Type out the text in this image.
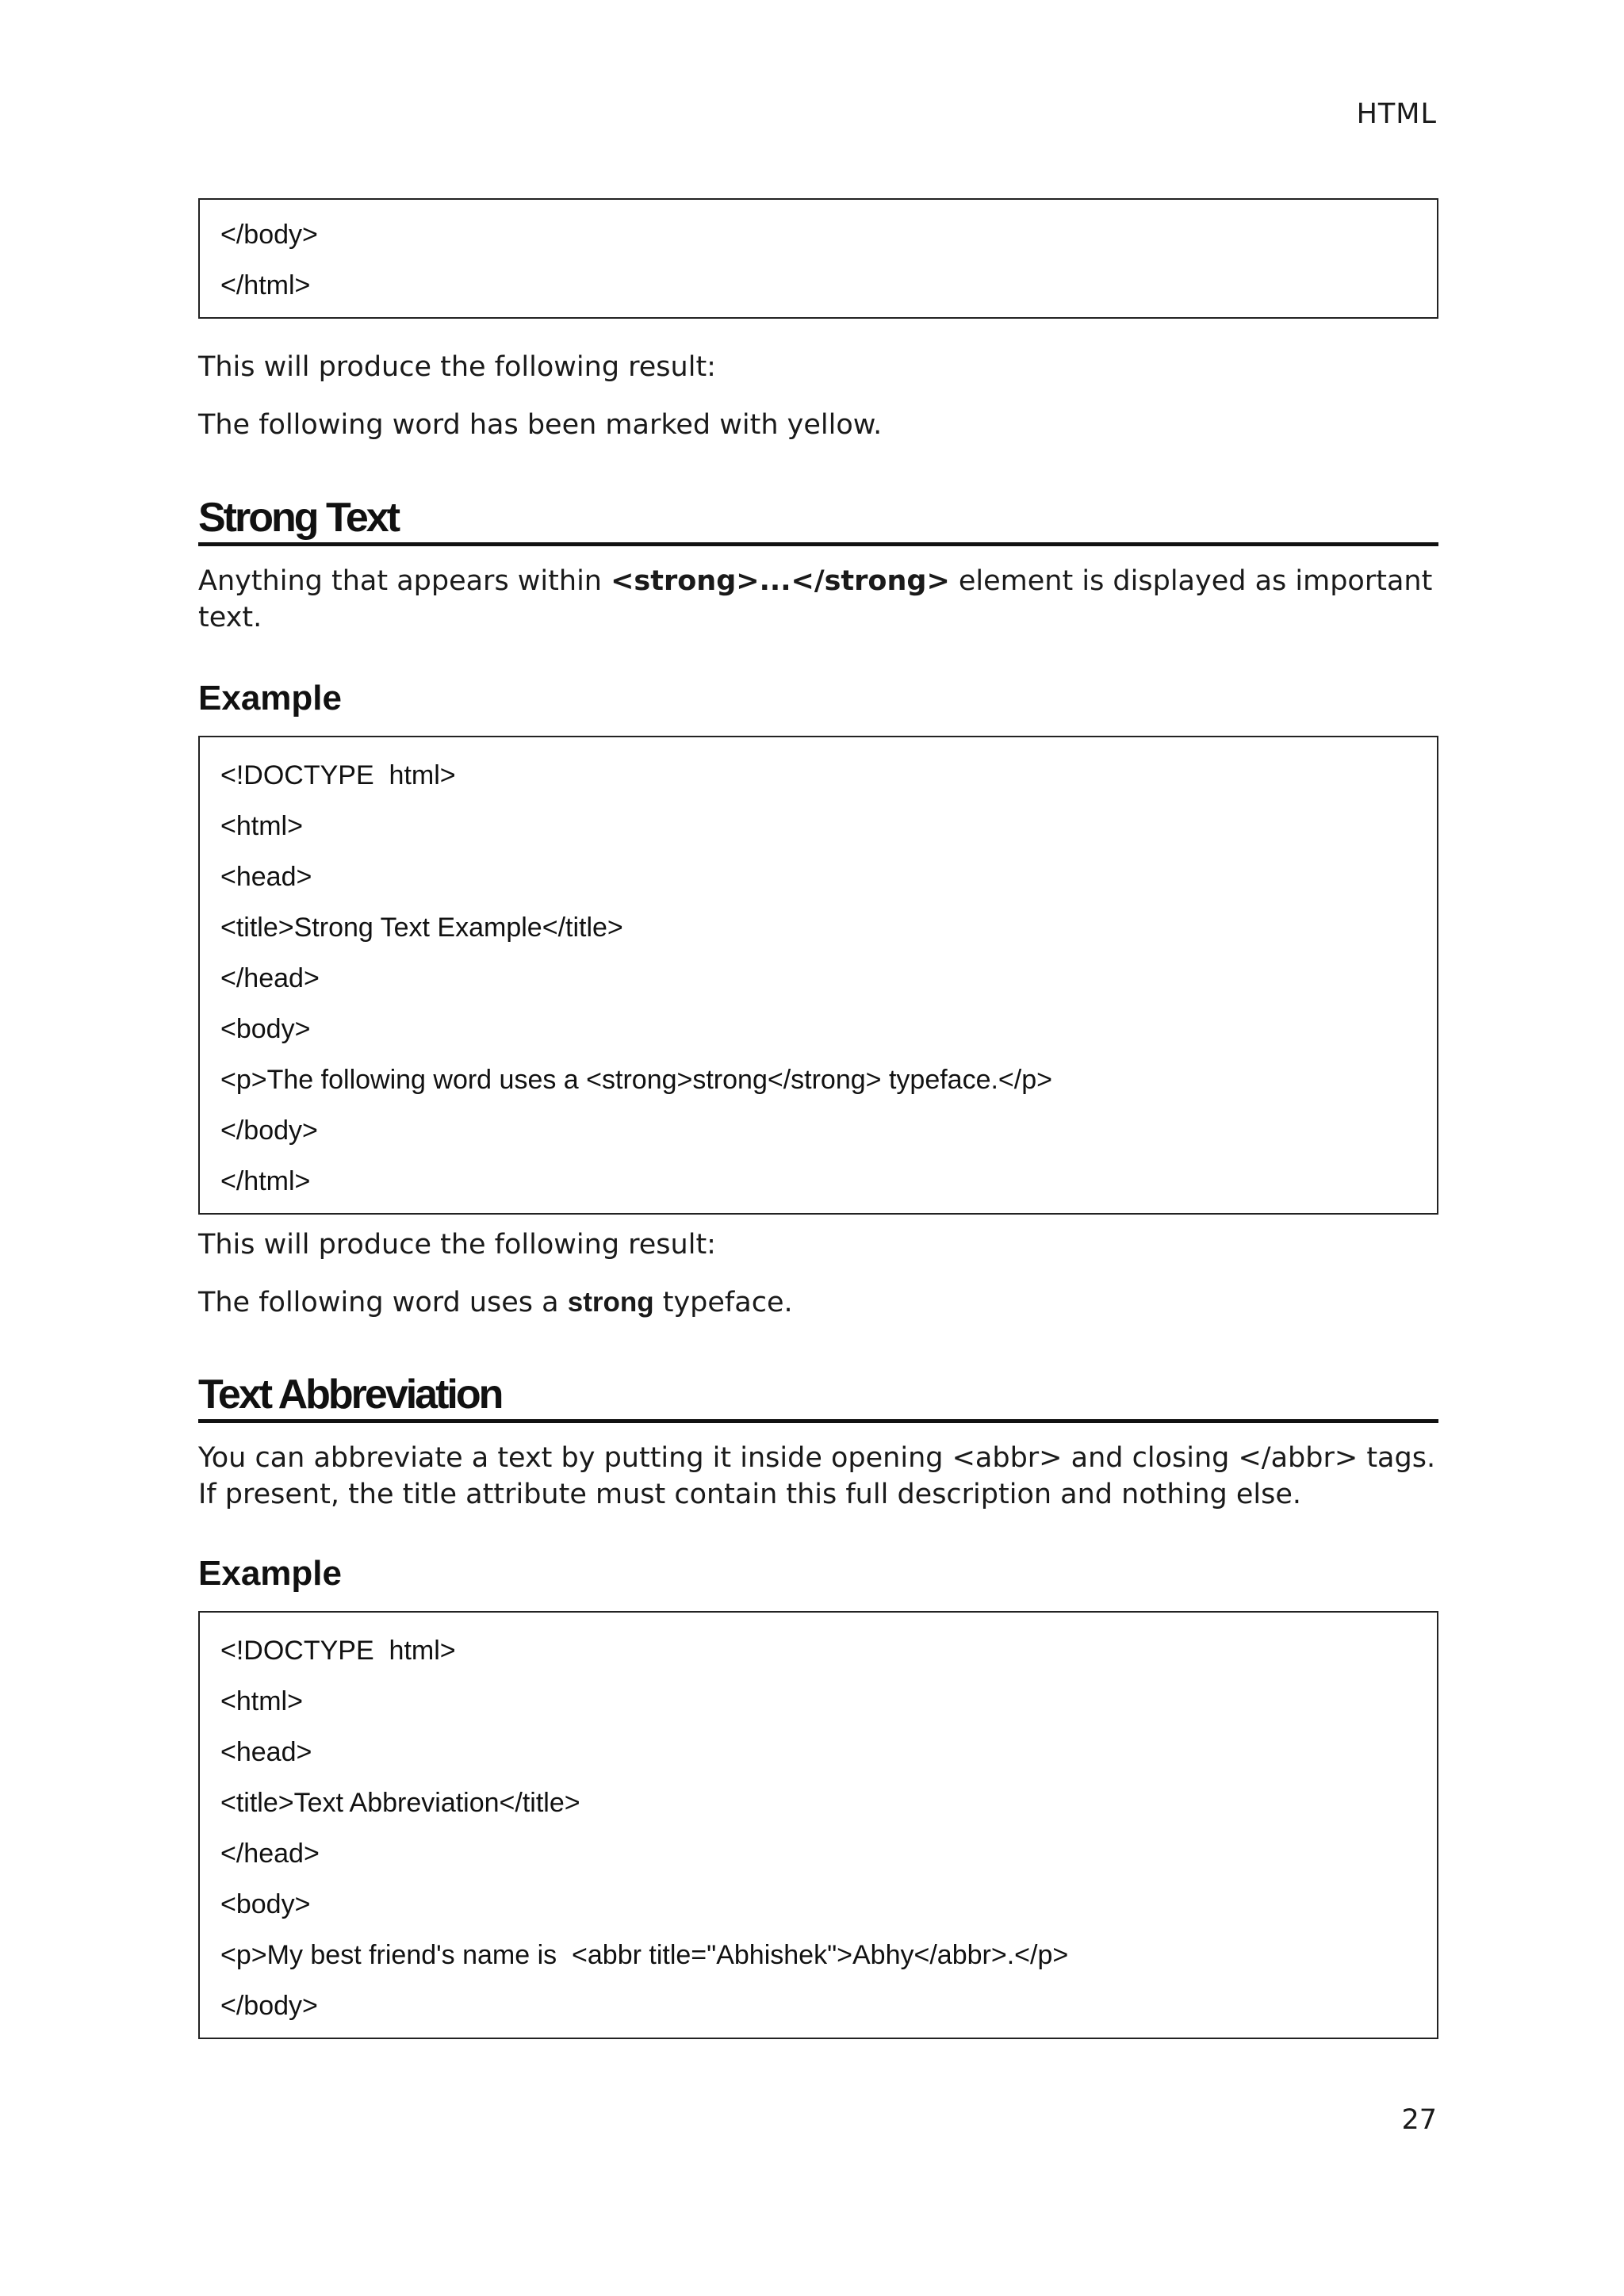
HTML
</body>
</html>

This will produce the following result:

The following word has been marked with yellow.

Strong Text

Anything that appears within <strong>...</strong> element is displayed as important text.

Example
<!DOCTYPE  html>
<html>
<head>
<title>Strong Text Example</title>
</head>
<body>
<p>The following word uses a <strong>strong</strong> typeface.</p>
</body>
</html>

This will produce the following result:

The following word uses a strong typeface.

Text Abbreviation

You can abbreviate a text by putting it inside opening <abbr> and closing </abbr> tags. If present, the title attribute must contain this full description and nothing else.

Example
<!DOCTYPE  html>
<html>
<head>
<title>Text Abbreviation</title>
</head>
<body>
<p>My best friend's name is  <abbr title="Abhishek">Abhy</abbr>.</p>
</body>
27
